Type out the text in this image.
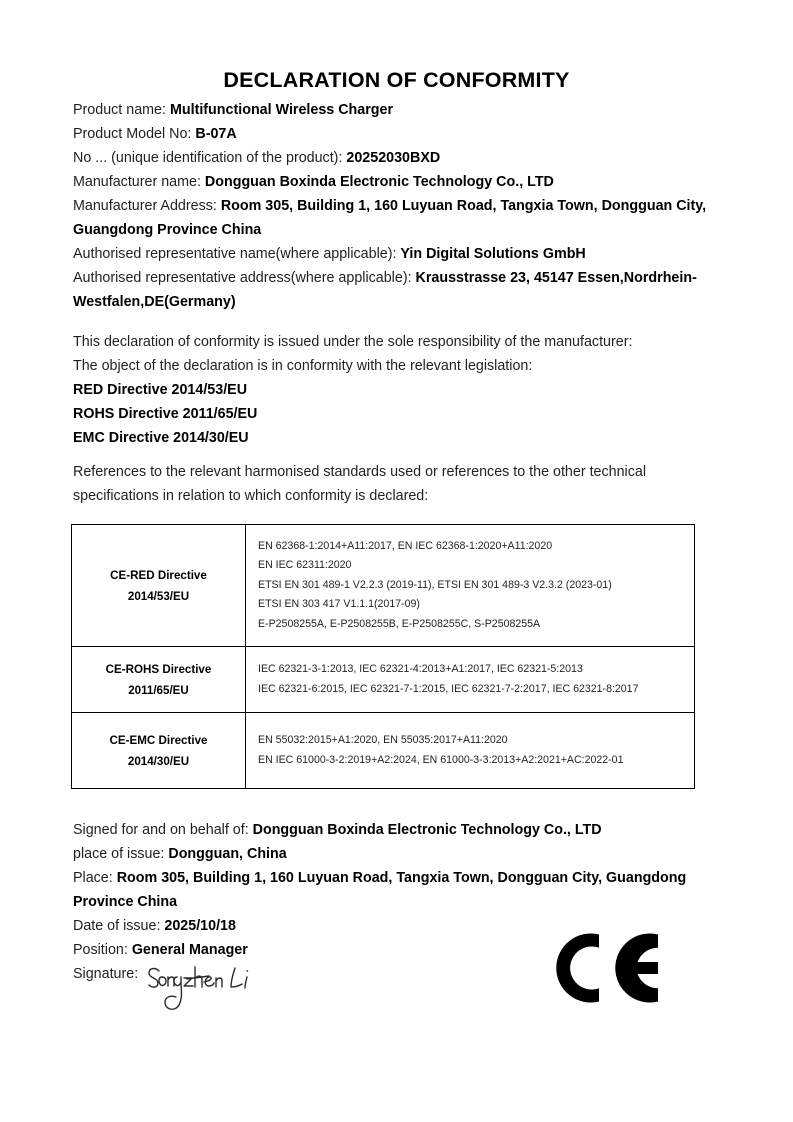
DECLARATION OF CONFORMITY
Product name: Multifunctional Wireless Charger
Product Model No: B-07A
No ... (unique identification of the product): 20252030BXD
Manufacturer name: Dongguan Boxinda Electronic Technology Co., LTD
Manufacturer Address: Room 305, Building 1, 160 Luyuan Road, Tangxia Town, Dongguan City, Guangdong Province China
Authorised representative name(where applicable): Yin Digital Solutions GmbH
Authorised representative address(where applicable): Krausstrasse 23, 45147 Essen,Nordrhein-Westfalen,DE(Germany)
This declaration of conformity is issued under the sole responsibility of the manufacturer:
The object of the declaration is in conformity with the relevant legislation:
RED Directive 2014/53/EU
ROHS Directive 2011/65/EU
EMC Directive 2014/30/EU
References to the relevant harmonised standards used or references to the other technical specifications in relation to which conformity is declared:
CE-RED Directive
2014/53/EU

EN 62368-1:2014+A11:2017, EN IEC 62368-1:2020+A11:2020
EN IEC 62311:2020
ETSI EN 301 489-1 V2.2.3 (2019-11), ETSI EN 301 489-3 V2.3.2 (2023-01)
ETSI EN 303 417 V1.1.1(2017-09)
E-P2508255A, E-P2508255B, E-P2508255C, S-P2508255A

CE-ROHS Directive
2011/65/EU

IEC 62321-3-1:2013, IEC 62321-4:2013+A1:2017, IEC 62321-5:2013
IEC 62321-6:2015, IEC 62321-7-1:2015, IEC 62321-7-2:2017, IEC 62321-8:2017

CE-EMC Directive
2014/30/EU

EN 55032:2015+A1:2020, EN 55035:2017+A11:2020
EN IEC 61000-3-2:2019+A2:2024, EN 61000-3-3:2013+A2:2021+AC:2022-01
Signed for and on behalf of: Dongguan Boxinda Electronic Technology Co., LTD
place of issue: Dongguan, China
Place: Room 305, Building 1, 160 Luyuan Road, Tangxia Town, Dongguan City, Guangdong Province China
Date of issue: 2025/10/18
Position: General Manager
Signature:
